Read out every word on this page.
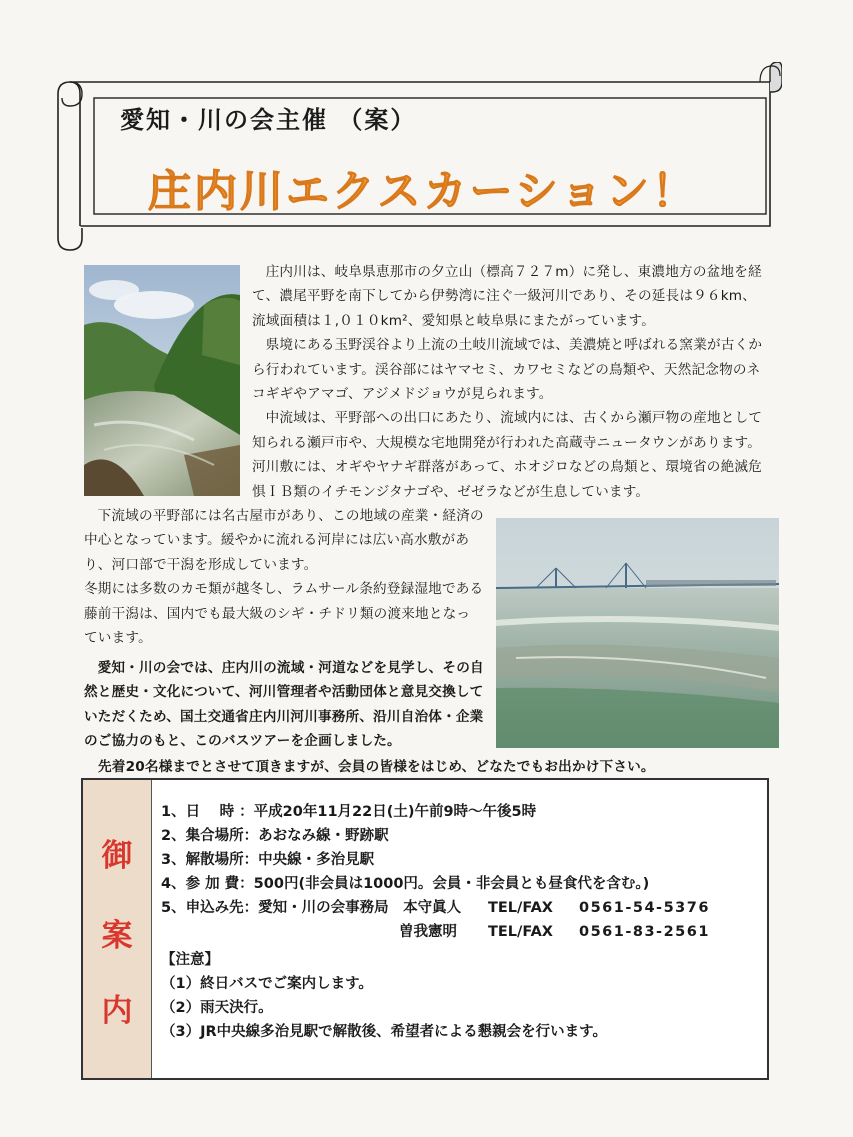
愛知・川の会主催 （案）
庄内川エクスカーション！

庄内川は、岐阜県恵那市の夕立山（標高７２７m）に発し、東濃地方の盆地を経て、濃尾平野を南下してから伊勢湾に注ぐ一級河川であり、その延長は９６km、流域面積は１,０１０km²、愛知県と岐阜県にまたがっています。

県境にある玉野渓谷より上流の土岐川流域では、美濃焼と呼ばれる窯業が古くから行われています。渓谷部にはヤマセミ、カワセミなどの鳥類や、天然記念物のネコギギやアマゴ、アジメドジョウが見られます。

中流域は、平野部への出口にあたり、流域内には、古くから瀬戸物の産地として知られる瀬戸市や、大規模な宅地開発が行われた高蔵寺ニュータウンがあります。河川敷には、オギやヤナギ群落があって、ホオジロなどの鳥類と、環境省の絶滅危惧ＩＢ類のイチモンジタナゴや、ゼゼラなどが生息しています。

下流域の平野部には名古屋市があり、この地域の産業・経済の中心となっています。緩やかに流れる河岸には広い高水敷があり、河口部で干潟を形成しています。

冬期には多数のカモ類が越冬し、ラムサール条約登録湿地である藤前干潟は、国内でも最大級のシギ・チドリ類の渡来地となっています。

愛知・川の会では、庄内川の流域・河道などを見学し、その自然と歴史・文化について、河川管理者や活動団体と意見交換していただくため、国土交通省庄内川河川事務所、沿川自治体・企業のご協力のもと、このバスツアーを企画しました。

先着20名様までとさせて頂きますが、会員の皆様をはじめ、どなたでもお出かけ下さい。
御
案
内
1、日　 時 ：平成20年11月22日(土)午前9時～午後5時
2、集合場所：あおなみ線・野跡駅
3、解散場所：中央線・多治見駅
4、参 加 費：500円(非会員は1000円。会員・非会員とも昼食代を含む。)
5、申込み先：愛知・川の会事務局　本守眞人 TEL/FAX 0561-54-5376
曽我憲明 TEL/FAX 0561-83-2561
【注意】
（1）終日バスでご案内します。
（2）雨天決行。
（3）JR中央線多治見駅で解散後、希望者による懇親会を行います。
